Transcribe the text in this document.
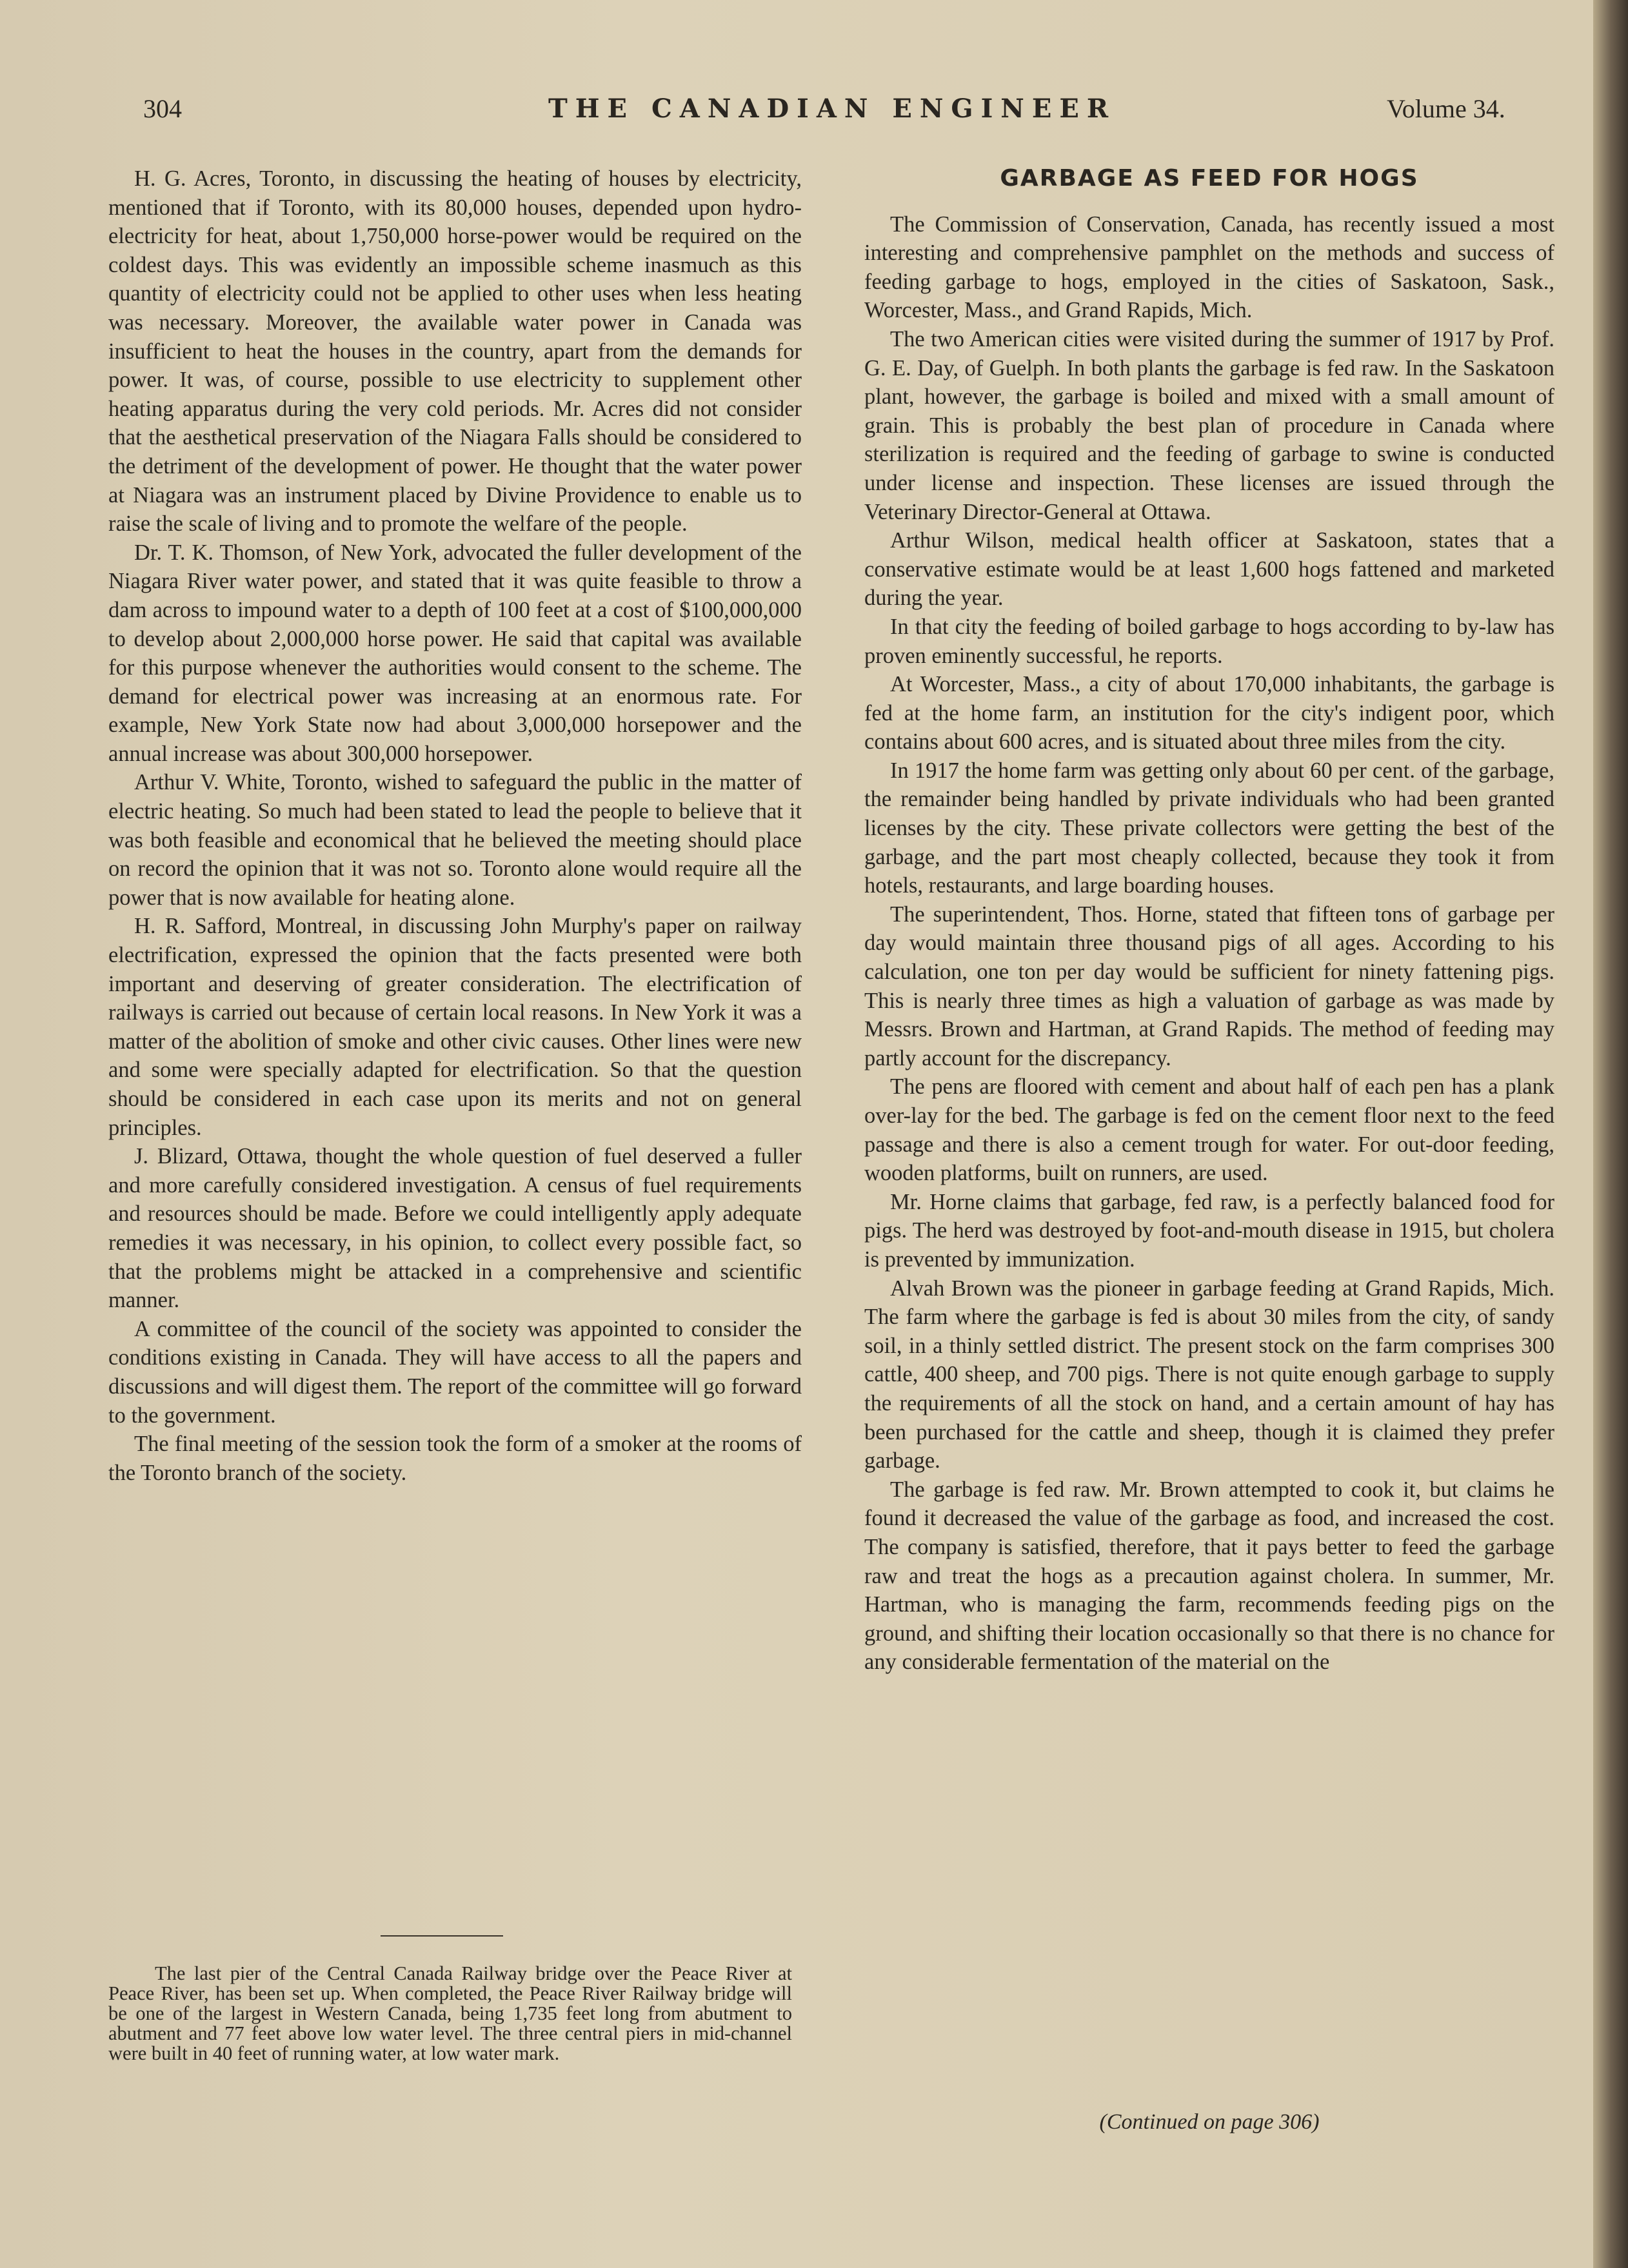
304	THE CANADIAN ENGINEER	Volume 34.

H. G. Acres, Toronto, in discussing the heating of houses by electricity, mentioned that if Toronto, with its 80,000 houses, depended upon hydro-electricity for heat, about 1,750,000 horse-power would be required on the coldest days. This was evidently an impossible scheme inasmuch as this quantity of electricity could not be applied to other uses when less heating was necessary. Moreover, the available water power in Canada was insufficient to heat the houses in the country, apart from the demands for power. It was, of course, possible to use electricity to supplement other heating apparatus during the very cold periods. Mr. Acres did not consider that the aesthetical preservation of the Niagara Falls should be considered to the detriment of the development of power. He thought that the water power at Niagara was an instrument placed by Divine Providence to enable us to raise the scale of living and to promote the welfare of the people.

Dr. T. K. Thomson, of New York, advocated the fuller development of the Niagara River water power, and stated that it was quite feasible to throw a dam across to impound water to a depth of 100 feet at a cost of $100,000,000 to develop about 2,000,000 horse power. He said that capital was available for this purpose whenever the authorities would consent to the scheme. The demand for electrical power was increasing at an enormous rate. For example, New York State now had about 3,000,000 horsepower and the annual increase was about 300,000 horsepower.

Arthur V. White, Toronto, wished to safeguard the public in the matter of electric heating. So much had been stated to lead the people to believe that it was both feasible and economical that he believed the meeting should place on record the opinion that it was not so. Toronto alone would require all the power that is now available for heating alone.

H. R. Safford, Montreal, in discussing John Murphy's paper on railway electrification, expressed the opinion that the facts presented were both important and deserving of greater consideration. The electrification of railways is carried out because of certain local reasons. In New York it was a matter of the abolition of smoke and other civic causes. Other lines were new and some were specially adapted for electrification. So that the question should be considered in each case upon its merits and not on general principles.

J. Blizard, Ottawa, thought the whole question of fuel deserved a fuller and more carefully considered investigation. A census of fuel requirements and resources should be made. Before we could intelligently apply adequate remedies it was necessary, in his opinion, to collect every possible fact, so that the problems might be attacked in a comprehensive and scientific manner.

A committee of the council of the society was appointed to consider the conditions existing in Canada. They will have access to all the papers and discussions and will digest them. The report of the committee will go forward to the government.

The final meeting of the session took the form of a smoker at the rooms of the Toronto branch of the society.

The last pier of the Central Canada Railway bridge over the Peace River at Peace River, has been set up. When completed, the Peace River Railway bridge will be one of the largest in Western Canada, being 1,735 feet long from abutment to abutment and 77 feet above low water level. The three central piers in mid-channel were built in 40 feet of running water, at low water mark.

GARBAGE AS FEED FOR HOGS

The Commission of Conservation, Canada, has recently issued a most interesting and comprehensive pamphlet on the methods and success of feeding garbage to hogs, employed in the cities of Saskatoon, Sask., Worcester, Mass., and Grand Rapids, Mich.

The two American cities were visited during the summer of 1917 by Prof. G. E. Day, of Guelph. In both plants the garbage is fed raw. In the Saskatoon plant, however, the garbage is boiled and mixed with a small amount of grain. This is probably the best plan of procedure in Canada where sterilization is required and the feeding of garbage to swine is conducted under license and inspection. These licenses are issued through the Veterinary Director-General at Ottawa.

Arthur Wilson, medical health officer at Saskatoon, states that a conservative estimate would be at least 1,600 hogs fattened and marketed during the year.

In that city the feeding of boiled garbage to hogs according to by-law has proven eminently successful, he reports.

At Worcester, Mass., a city of about 170,000 inhabitants, the garbage is fed at the home farm, an institution for the city's indigent poor, which contains about 600 acres, and is situated about three miles from the city.

In 1917 the home farm was getting only about 60 per cent. of the garbage, the remainder being handled by private individuals who had been granted licenses by the city. These private collectors were getting the best of the garbage, and the part most cheaply collected, because they took it from hotels, restaurants, and large boarding houses.

The superintendent, Thos. Horne, stated that fifteen tons of garbage per day would maintain three thousand pigs of all ages. According to his calculation, one ton per day would be sufficient for ninety fattening pigs. This is nearly three times as high a valuation of garbage as was made by Messrs. Brown and Hartman, at Grand Rapids. The method of feeding may partly account for the discrepancy.

The pens are floored with cement and about half of each pen has a plank over-lay for the bed. The garbage is fed on the cement floor next to the feed passage and there is also a cement trough for water. For out-door feeding, wooden platforms, built on runners, are used.

Mr. Horne claims that garbage, fed raw, is a perfectly balanced food for pigs. The herd was destroyed by foot-and-mouth disease in 1915, but cholera is prevented by immunization.

Alvah Brown was the pioneer in garbage feeding at Grand Rapids, Mich. The farm where the garbage is fed is about 30 miles from the city, of sandy soil, in a thinly settled district. The present stock on the farm comprises 300 cattle, 400 sheep, and 700 pigs. There is not quite enough garbage to supply the requirements of all the stock on hand, and a certain amount of hay has been purchased for the cattle and sheep, though it is claimed they prefer garbage.

The garbage is fed raw. Mr. Brown attempted to cook it, but claims he found it decreased the value of the garbage as food, and increased the cost. The company is satisfied, therefore, that it pays better to feed the garbage raw and treat the hogs as a precaution against cholera. In summer, Mr. Hartman, who is managing the farm, recommends feeding pigs on the ground, and shifting their location occasionally so that there is no chance for any considerable fermentation of the material on the

(Continued on page 306)
